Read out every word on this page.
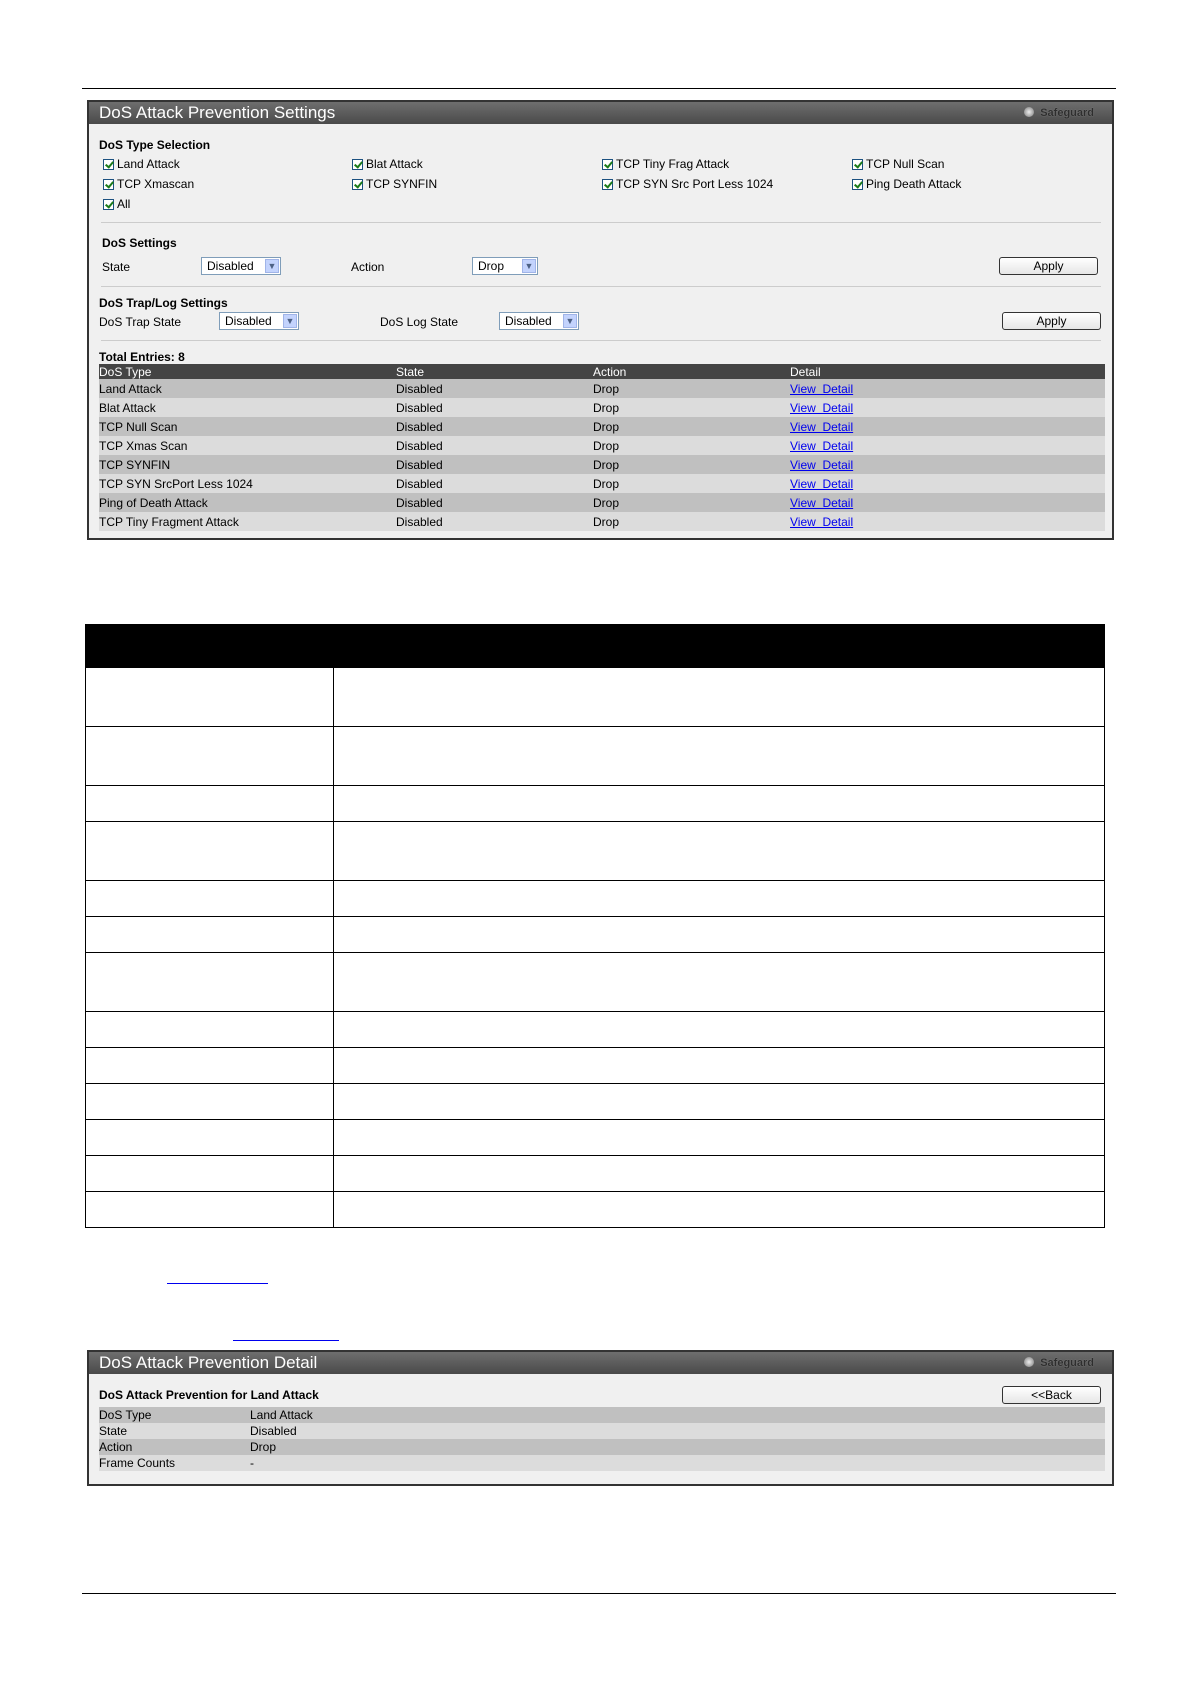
DoS Attack Prevention Settings	Safeguard
DoS Type Selection
Land Attack	Blat Attack	TCP Tiny Frag Attack	TCP Null Scan
TCP Xmascan	TCP SYNFIN	TCP SYN Src Port Less 1024	Ping Death Attack
All
DoS Settings
State	Disabled ▼	Action	Drop ▼	Apply
DoS Trap/Log Settings
DoS Trap State	Disabled ▼	DoS Log State	Disabled ▼	Apply
Total Entries: 8
DoS Type	State	Action	Detail
Land Attack	Disabled	Drop	View  Detail
Blat Attack	Disabled	Drop	View  Detail
TCP Null Scan	Disabled	Drop	View  Detail
TCP Xmas Scan	Disabled	Drop	View  Detail
TCP SYNFIN	Disabled	Drop	View  Detail
TCP SYN SrcPort Less 1024	Disabled	Drop	View  Detail
Ping of Death Attack	Disabled	Drop	View  Detail
TCP Tiny Fragment Attack	Disabled	Drop	View  Detail

DoS Attack Prevention Detail	Safeguard
DoS Attack Prevention for Land Attack	<<Back
DoS Type	Land Attack
State	Disabled
Action	Drop
Frame Counts	-
